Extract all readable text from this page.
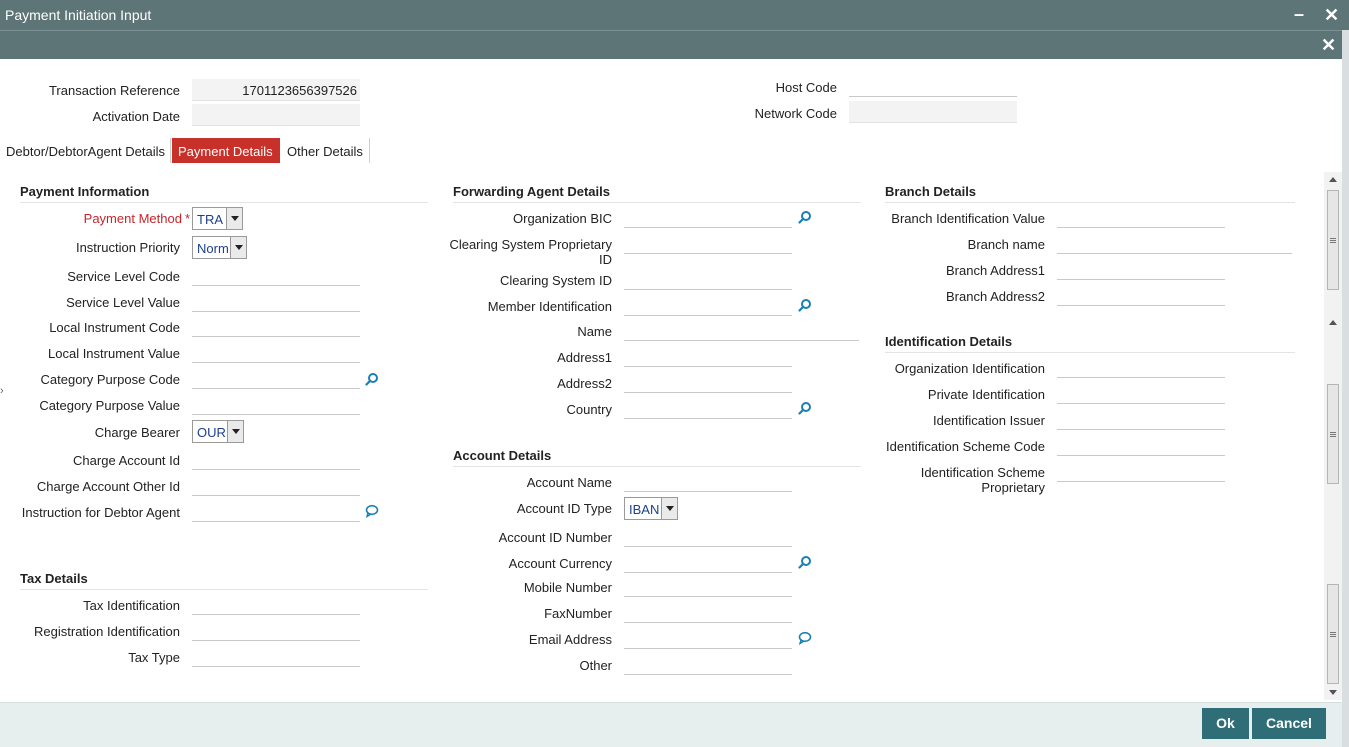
Payment Initiation Input	– ✕
✕
Transaction Reference	1701123656397526
Activation Date
Host Code
Network Code
Debtor/DebtorAgent Details	Payment Details	Other Details
›
Payment Information
Payment Method * TRA
Instruction Priority Norm
Service Level Code
Service Level Value
Local Instrument Code
Local Instrument Value
Category Purpose Code
Category Purpose Value
Charge Bearer OUR
Charge Account Id
Charge Account Other Id
Instruction for Debtor Agent
Tax Details
Tax Identification
Registration Identification
Tax Type
Forwarding Agent Details
Organization BIC
Clearing System Proprietary ID
Clearing System ID
Member Identification
Name
Address1
Address2
Country
Account Details
Account Name
Account ID Type IBAN
Account ID Number
Account Currency
Mobile Number
FaxNumber
Email Address
Other
Branch Details
Branch Identification Value
Branch name
Branch Address1
Branch Address2
Identification Details
Organization Identification
Private Identification
Identification Issuer
Identification Scheme Code
Identification Scheme Proprietary
Ok	Cancel
